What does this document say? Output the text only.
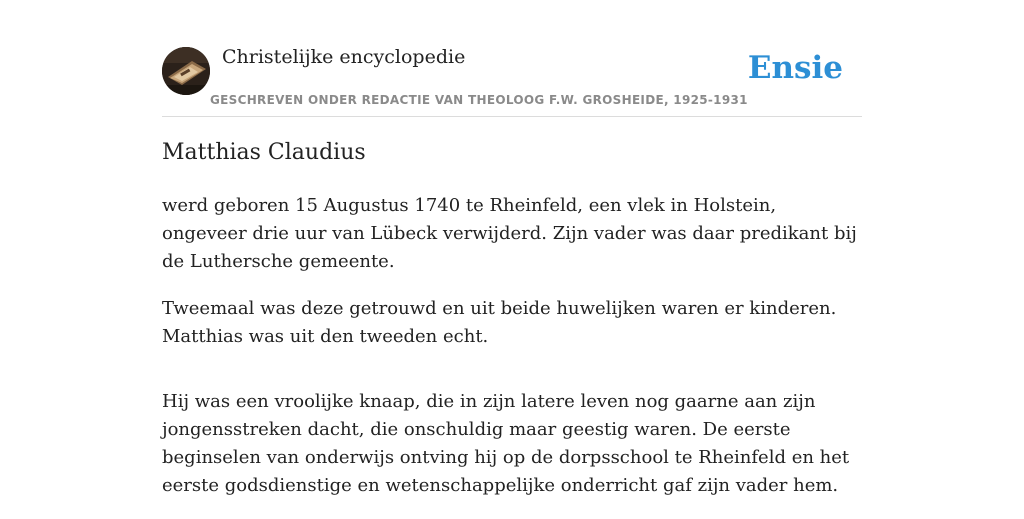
Christelijke encyclopedie
GESCHREVEN ONDER REDACTIE VAN THEOLOOG F.W. GROSHEIDE, 1925-1931
Ensie
Matthias Claudius

werd geboren 15 Augustus 1740 te Rheinfeld, een vlek in Holstein, ongeveer drie uur van Lübeck verwijderd. Zijn vader was daar predikant bij de Luthersche gemeente.

Tweemaal was deze getrouwd en uit beide huwelijken waren er kinderen. Matthias was uit den tweeden echt.

Hij was een vroolijke knaap, die in zijn latere leven nog gaarne aan zijn jongensstreken dacht, die onschuldig maar geestig waren. De eerste beginselen van onderwijs ontving hij op de dorpsschool te Rheinfeld en het eerste godsdienstige en wetenschappelijke onderricht gaf zijn vader hem.
